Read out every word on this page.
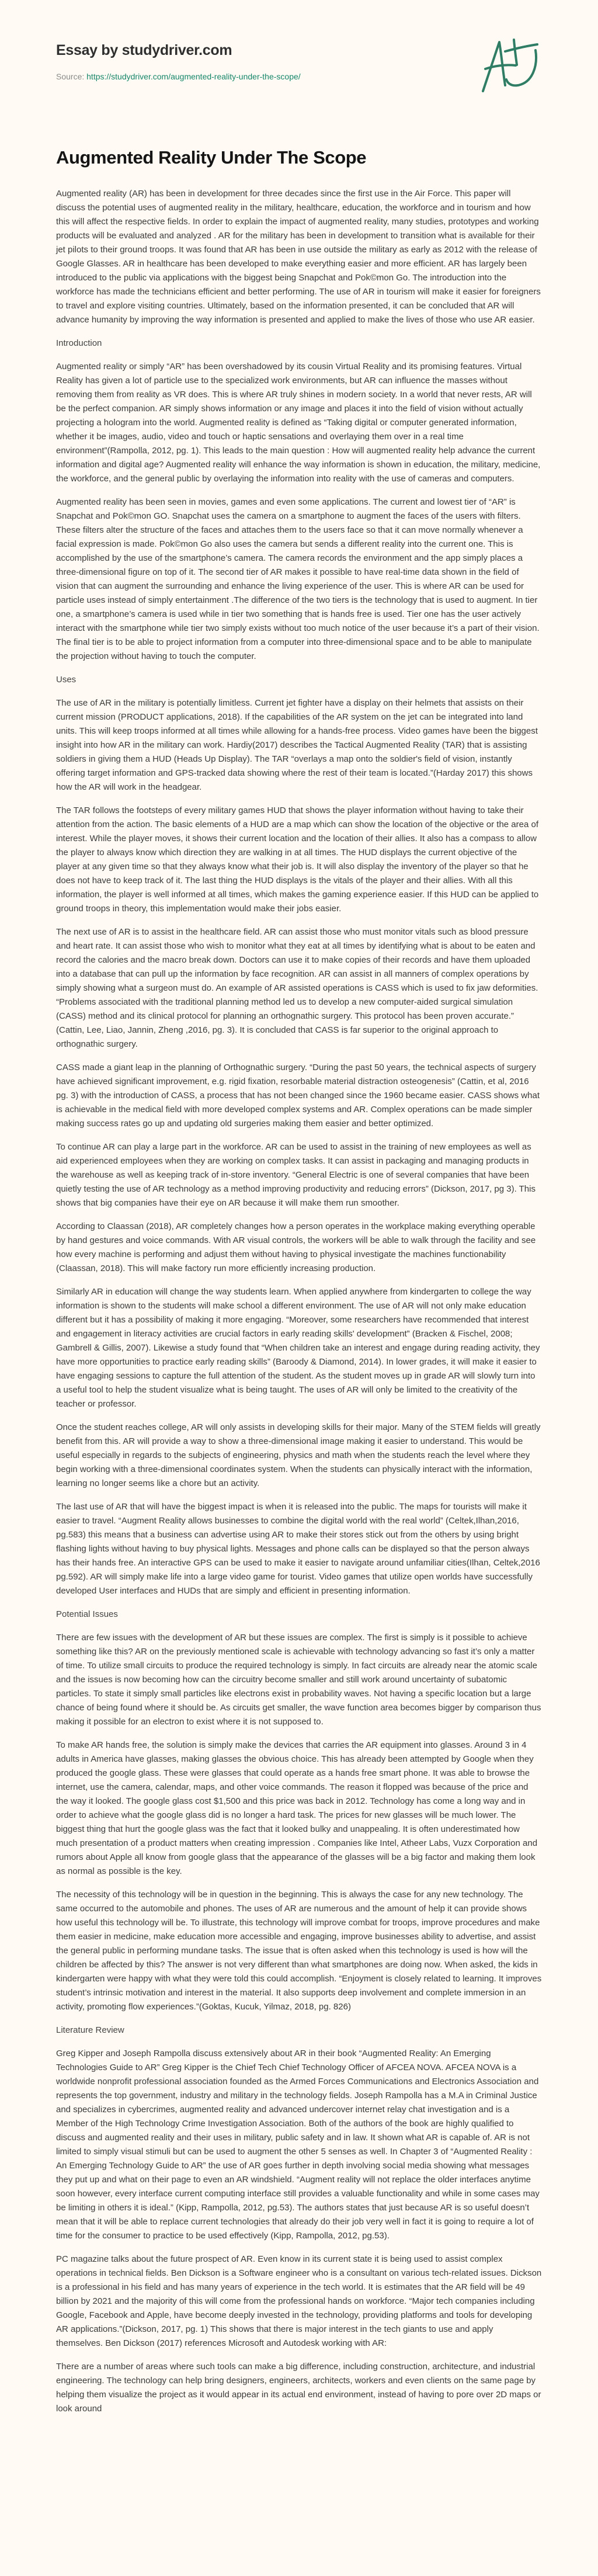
Essay by studydriver.com
Source: https://studydriver.com/augmented-reality-under-the-scope/
Augmented Reality Under The Scope

Augmented reality (AR) has been in development for three decades since the first use in the Air Force. This paper will discuss the potential uses of augmented reality in the military, healthcare, education, the workforce and in tourism and how this will affect the respective fields. In order to explain the impact of augmented reality, many studies, prototypes and working products will be evaluated and analyzed . AR for the military has been in development to transition what is available for their jet pilots to their ground troops. It was found that AR has been in use outside the military as early as 2012 with the release of Google Glasses. AR in healthcare has been developed to make everything easier and more efficient. AR has largely been introduced to the public via applications with the biggest being Snapchat and Pok©mon Go. The introduction into the workforce has made the technicians efficient and better performing. The use of AR in tourism will make it easier for foreigners to travel and explore visiting countries. Ultimately, based on the information presented, it can be concluded that AR will advance humanity by improving the way information is presented and applied to make the lives of those who use AR easier.

Introduction

Augmented reality or simply “AR” has been overshadowed by its cousin Virtual Reality and its promising features. Virtual Reality has given a lot of particle use to the specialized work environments, but AR can influence the masses without removing them from reality as VR does. This is where AR truly shines in modern society. In a world that never rests, AR will be the perfect companion. AR simply shows information or any image and places it into the field of vision without actually projecting a hologram into the world. Augmented reality is defined as “Taking digital or computer generated information, whether it be images, audio, video and touch or haptic sensations and overlaying them over in a real time environment”(Rampolla, 2012, pg. 1). This leads to the main question : How will augmented reality help advance the current information and digital age? Augmented reality will enhance the way information is shown in education, the military, medicine, the workforce, and the general public by overlaying the information into reality with the use of cameras and computers.

Augmented reality has been seen in movies, games and even some applications. The current and lowest tier of “AR” is Snapchat and Pok©mon GO. Snapchat uses the camera on a smartphone to augment the faces of the users with filters. These filters alter the structure of the faces and attaches them to the users face so that it can move normally whenever a facial expression is made. Pok©mon Go also uses the camera but sends a different reality into the current one. This is accomplished by the use of the smartphone’s camera. The camera records the environment and the app simply places a three-dimensional figure on top of it. The second tier of AR makes it possible to have real-time data shown in the field of vision that can augment the surrounding and enhance the living experience of the user. This is where AR can be used for particle uses instead of simply entertainment .The difference of the two tiers is the technology that is used to augment. In tier one, a smartphone’s camera is used while in tier two something that is hands free is used. Tier one has the user actively interact with the smartphone while tier two simply exists without too much notice of the user because it’s a part of their vision. The final tier is to be able to project information from a computer into three-dimensional space and to be able to manipulate the projection without having to touch the computer.

Uses

The use of AR in the military is potentially limitless. Current jet fighter have a display on their helmets that assists on their current mission (PRODUCT applications, 2018). If the capabilities of the AR system on the jet can be integrated into land units. This will keep troops informed at all times while allowing for a hands-free process. Video games have been the biggest insight into how AR in the military can work. Hardiy(2017) describes the Tactical Augmented Reality (TAR) that is assisting soldiers in giving them a HUD (Heads Up Display). The TAR “overlays a map onto the soldier's field of vision, instantly offering target information and GPS-tracked data showing where the rest of their team is located.”(Harday 2017) this shows how the AR will work in the headgear.

The TAR follows the footsteps of every military games HUD that shows the player information without having to take their attention from the action. The basic elements of a HUD are a map which can show the location of the objective or the area of interest. While the player moves, it shows their current location and the location of their allies. It also has a compass to allow the player to always know which direction they are walking in at all times. The HUD displays the current objective of the player at any given time so that they always know what their job is. It will also display the inventory of the player so that he does not have to keep track of it. The last thing the HUD displays is the vitals of the player and their allies. With all this information, the player is well informed at all times, which makes the gaming experience easier. If this HUD can be applied to ground troops in theory, this implementation would make their jobs easier.

The next use of AR is to assist in the healthcare field. AR can assist those who must monitor vitals such as blood pressure and heart rate. It can assist those who wish to monitor what they eat at all times by identifying what is about to be eaten and record the calories and the macro break down. Doctors can use it to make copies of their records and have them uploaded into a database that can pull up the information by face recognition. AR can assist in all manners of complex operations by simply showing what a surgeon must do. An example of AR assisted operations is CASS which is used to fix jaw deformities. “Problems associated with the traditional planning method led us to develop a new computer-aided surgical simulation (CASS) method and its clinical protocol for planning an orthognathic surgery. This protocol has been proven accurate.” (Cattin, Lee, Liao, Jannin, Zheng ,2016, pg. 3). It is concluded that CASS is far superior to the original approach to orthognathic surgery.

CASS made a giant leap in the planning of Orthognathic surgery. “During the past 50 years, the technical aspects of surgery have achieved significant improvement, e.g. rigid fixation, resorbable material distraction osteogenesis” (Cattin, et al, 2016 pg. 3) with the introduction of CASS, a process that has not been changed since the 1960 became easier. CASS shows what is achievable in the medical field with more developed complex systems and AR. Complex operations can be made simpler making success rates go up and updating old surgeries making them easier and better optimized.

To continue AR can play a large part in the workforce. AR can be used to assist in the training of new employees as well as aid experienced employees when they are working on complex tasks. It can assist in packaging and managing products in the warehouse as well as keeping track of in-store inventory. “General Electric is one of several companies that have been quietly testing the use of AR technology as a method improving productivity and reducing errors” (Dickson, 2017, pg 3). This shows that big companies have their eye on AR because it will make them run smoother.

According to Claassan (2018), AR completely changes how a person operates in the workplace making everything operable by hand gestures and voice commands. With AR visual controls, the workers will be able to walk through the facility and see how every machine is performing and adjust them without having to physical investigate the machines functionability (Claassan, 2018). This will make factory run more efficiently increasing production.

Similarly AR in education will change the way students learn. When applied anywhere from kindergarten to college the way information is shown to the students will make school a different environment. The use of AR will not only make education different but it has a possibility of making it more engaging. “Moreover, some researchers have recommended that interest and engagement in literacy activities are crucial factors in early reading skills' development” (Bracken & Fischel, 2008; Gambrell & Gillis, 2007). Likewise a study found that “When children take an interest and engage during reading activity, they have more opportunities to practice early reading skills” (Baroody & Diamond, 2014). In lower grades, it will make it easier to have engaging sessions to capture the full attention of the student. As the student moves up in grade AR will slowly turn into a useful tool to help the student visualize what is being taught. The uses of AR will only be limited to the creativity of the teacher or professor.

Once the student reaches college, AR will only assists in developing skills for their major. Many of the STEM fields will greatly benefit from this. AR will provide a way to show a three-dimensional image making it easier to understand. This would be useful especially in regards to the subjects of engineering, physics and math when the students reach the level where they begin working with a three-dimensional coordinates system. When the students can physically interact with the information, learning no longer seems like a chore but an activity.

The last use of AR that will have the biggest impact is when it is released into the public. The maps for tourists will make it easier to travel. “Augment Reality allows businesses to combine the digital world with the real world” (Celtek,Ilhan,2016, pg.583) this means that a business can advertise using AR to make their stores stick out from the others by using bright flashing lights without having to buy physical lights. Messages and phone calls can be displayed so that the person always has their hands free. An interactive GPS can be used to make it easier to navigate around unfamiliar cities(Ilhan, Celtek,2016 pg.592). AR will simply make life into a large video game for tourist. Video games that utilize open worlds have successfully developed User interfaces and HUDs that are simply and efficient in presenting information.

Potential Issues

There are few issues with the development of AR but these issues are complex. The first is simply is it possible to achieve something like this? AR on the previously mentioned scale is achievable with technology advancing so fast it’s only a matter of time. To utilize small circuits to produce the required technology is simply. In fact circuits are already near the atomic scale and the issues is now becoming how can the circuitry become smaller and still work around uncertainty of subatomic particles. To state it simply small particles like electrons exist in probability waves. Not having a specific location but a large chance of being found where it should be. As circuits get smaller, the wave function area becomes bigger by comparison thus making it possible for an electron to exist where it is not supposed to.

To make AR hands free, the solution is simply make the devices that carries the AR equipment into glasses. Around 3 in 4 adults in America have glasses, making glasses the obvious choice. This has already been attempted by Google when they produced the google glass. These were glasses that could operate as a hands free smart phone. It was able to browse the internet, use the camera, calendar, maps, and other voice commands. The reason it flopped was because of the price and the way it looked. The google glass cost $1,500 and this price was back in 2012. Technology has come a long way and in order to achieve what the google glass did is no longer a hard task. The prices for new glasses will be much lower. The biggest thing that hurt the google glass was the fact that it looked bulky and unappealing. It is often underestimated how much presentation of a product matters when creating impression . Companies like Intel, Atheer Labs, Vuzx Corporation and rumors about Apple all know from google glass that the appearance of the glasses will be a big factor and making them look as normal as possible is the key.

The necessity of this technology will be in question in the beginning. This is always the case for any new technology. The same occurred to the automobile and phones. The uses of AR are numerous and the amount of help it can provide shows how useful this technology will be. To illustrate, this technology will improve combat for troops, improve procedures and make them easier in medicine, make education more accessible and engaging, improve businesses ability to advertise, and assist the general public in performing mundane tasks. The issue that is often asked when this technology is used is how will the children be affected by this? The answer is not very different than what smartphones are doing now. When asked, the kids in kindergarten were happy with what they were told this could accomplish. “Enjoyment is closely related to learning. It improves student’s intrinsic motivation and interest in the material. It also supports deep involvement and complete immersion in an activity, promoting flow experiences.”(Goktas, Kucuk, Yilmaz, 2018, pg. 826)

Literature Review

Greg Kipper and Joseph Rampolla discuss extensively about AR in their book “Augmented Reality: An Emerging Technologies Guide to AR” Greg Kipper is the Chief Tech Chief Technology Officer of AFCEA NOVA. AFCEA NOVA is a worldwide nonprofit professional association founded as the Armed Forces Communications and Electronics Association and represents the top government, industry and military in the technology fields. Joseph Rampolla has a M.A in Criminal Justice and specializes in cybercrimes, augmented reality and advanced undercover internet relay chat investigation and is a Member of the High Technology Crime Investigation Association. Both of the authors of the book are highly qualified to discuss and augmented reality and their uses in military, public safety and in law. It shown what AR is capable of. AR is not limited to simply visual stimuli but can be used to augment the other 5 senses as well. In Chapter 3 of “Augmented Reality : An Emerging Technology Guide to AR” the use of AR goes further in depth involving social media showing what messages they put up and what on their page to even an AR windshield. “Augment reality will not replace the older interfaces anytime soon however, every interface current computing interface still provides a valuable functionality and while in some cases may be limiting in others it is ideal.” (Kipp, Rampolla, 2012, pg.53). The authors states that just because AR is so useful doesn’t mean that it will be able to replace current technologies that already do their job very well in fact it is going to require a lot of time for the consumer to practice to be used effectively (Kipp, Rampolla, 2012, pg.53).

PC magazine talks about the future prospect of AR. Even know in its current state it is being used to assist complex operations in technical fields. Ben Dickson is a Software engineer who is a consultant on various tech-related issues. Dickson is a professional in his field and has many years of experience in the tech world. It is estimates that the AR field will be 49 billion by 2021 and the majority of this will come from the professional hands on workforce. “Major tech companies including Google, Facebook and Apple, have become deeply invested in the technology, providing platforms and tools for developing AR applications.”(Dickson, 2017, pg. 1) This shows that there is major interest in the tech giants to use and apply themselves. Ben Dickson (2017) references Microsoft and Autodesk working with AR:

There are a number of areas where such tools can make a big difference, including construction, architecture, and industrial engineering. The technology can help bring designers, engineers, architects, workers and even clients on the same page by helping them visualize the project as it would appear in its actual end environment, instead of having to pore over 2D maps or look around
